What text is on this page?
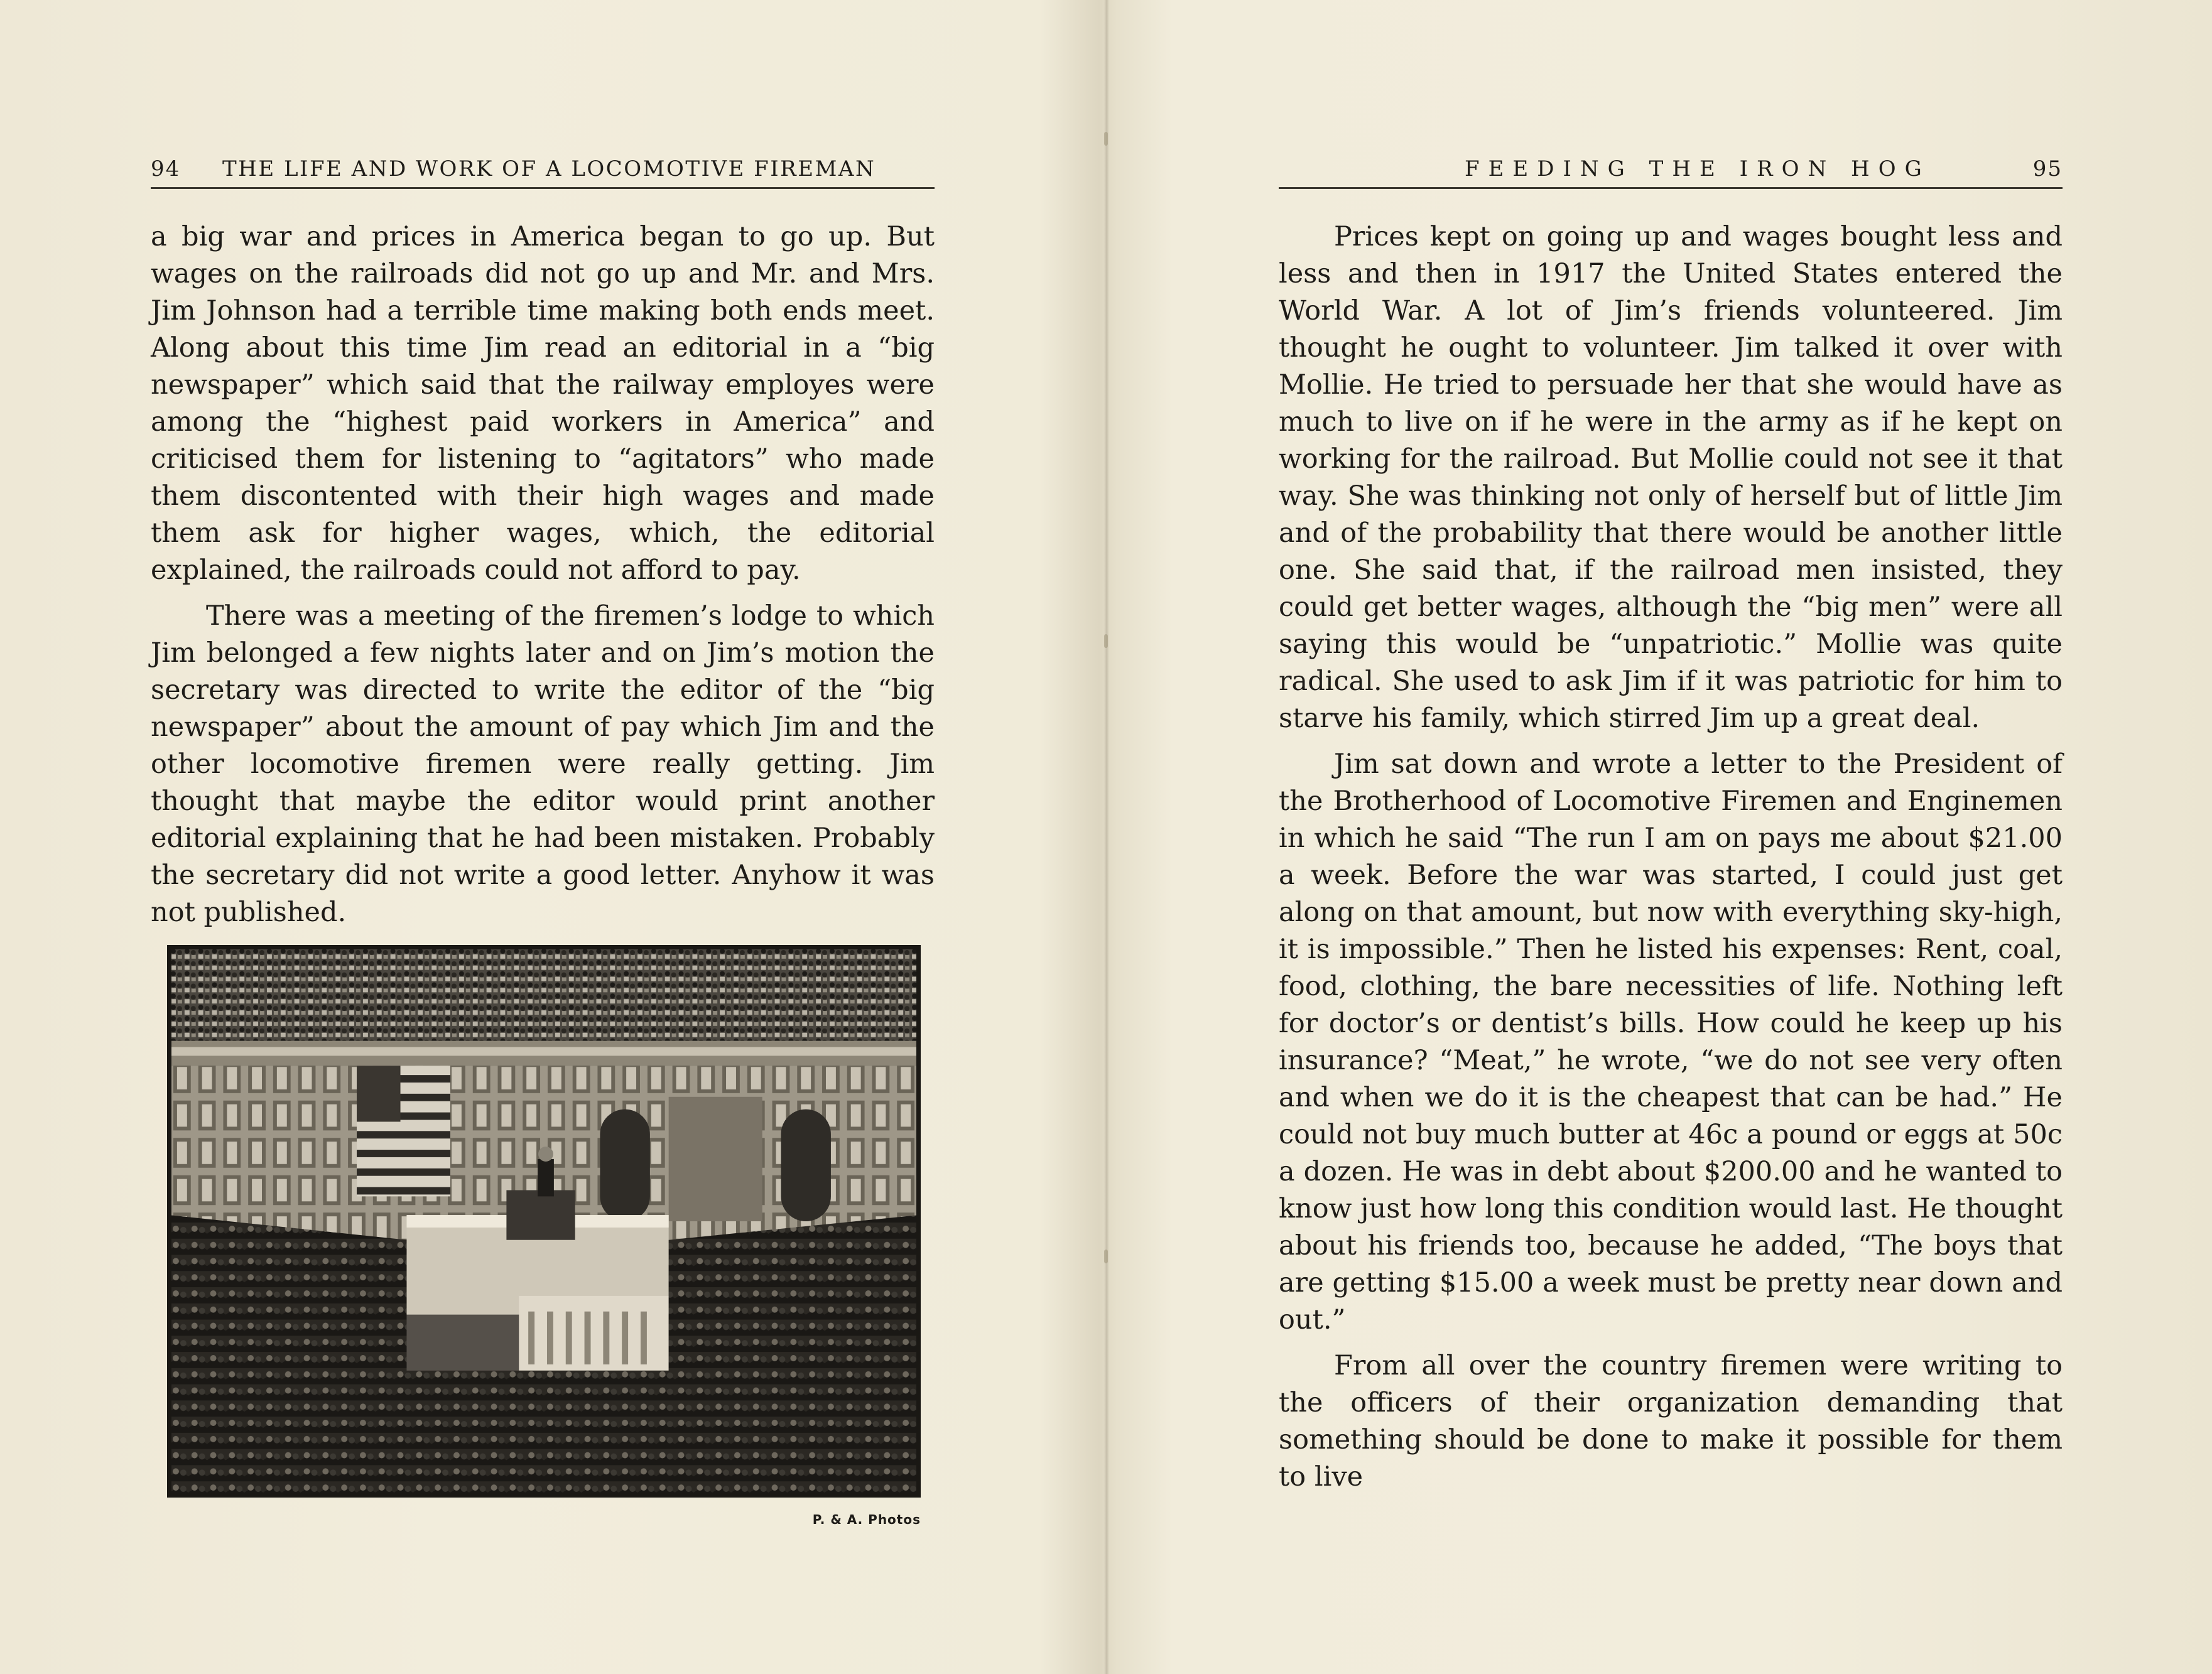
94 THE LIFE AND WORK OF A LOCOMOTIVE FIREMAN

a big war and prices in America began to go up. But wages on the railroads did not go up and Mr. and Mrs. Jim Johnson had a terrible time making both ends meet. Along about this time Jim read an editorial in a “big newspaper” which said that the railway employes were among the “highest paid workers in America” and criticised them for listening to “agitators” who made them discontented with their high wages and made them ask for higher wages, which, the editorial explained, the railroads could not afford to pay.

There was a meeting of the firemen’s lodge to which Jim belonged a few nights later and on Jim’s motion the secretary was directed to write the editor of the “big newspaper” about the amount of pay which Jim and the other locomotive firemen were really getting. Jim thought that maybe the editor would print another editorial explaining that he had been mistaken. Probably the secretary did not write a good letter. Anyhow it was not published.

P. & A. Photos
FEEDING THE IRON HOG	95

Prices kept on going up and wages bought less and less and then in 1917 the United States entered the World War. A lot of Jim’s friends volunteered. Jim thought he ought to volunteer. Jim talked it over with Mollie. He tried to persuade her that she would have as much to live on if he were in the army as if he kept on working for the railroad. But Mollie could not see it that way. She was thinking not only of herself but of little Jim and of the probability that there would be another little one. She said that, if the railroad men insisted, they could get better wages, although the “big men” were all saying this would be “unpatriotic.” Mollie was quite radical. She used to ask Jim if it was patriotic for him to starve his family, which stirred Jim up a great deal.

Jim sat down and wrote a letter to the President of the Brotherhood of Locomotive Firemen and Enginemen in which he said “The run I am on pays me about $21.00 a week. Before the war was started, I could just get along on that amount, but now with everything sky-high, it is impossible.” Then he listed his expenses: Rent, coal, food, clothing, the bare necessities of life. Nothing left for doctor’s or dentist’s bills. How could he keep up his insurance? “Meat,” he wrote, “we do not see very often and when we do it is the cheapest that can be had.” He could not buy much butter at 46c a pound or eggs at 50c a dozen. He was in debt about $200.00 and he wanted to know just how long this condition would last. He thought about his friends too, because he added, “The boys that are getting $15.00 a week must be pretty near down and out.”

From all over the country firemen were writing to the officers of their organization demanding that something should be done to make it possible for them to live
